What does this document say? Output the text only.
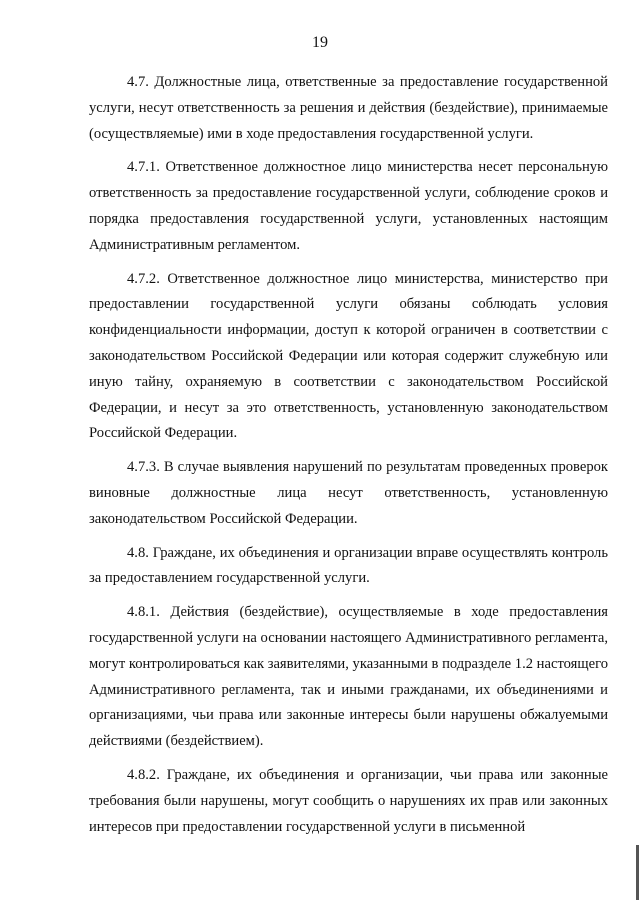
19

4.7. Должностные лица, ответственные за предоставление государственной услуги, несут ответственность за решения и действия (бездействие), принимаемые (осуществляемые) ими в ходе предоставления государственной услуги.

4.7.1. Ответственное должностное лицо министерства несет персональную ответственность за предоставление государственной услуги, соблюдение сроков и порядка предоставления государственной услуги, установленных настоящим Административным регламентом.

4.7.2. Ответственное должностное лицо министерства, министерство при предоставлении государственной услуги обязаны соблюдать условия конфиденциальности информации, доступ к которой ограничен в соответствии с законодательством Российской Федерации или которая содержит служебную или иную тайну, охраняемую в соответствии с законодательством Российской Федерации, и несут за это ответственность, установленную законодательством Российской Федерации.

4.7.3. В случае выявления нарушений по результатам проведенных проверок виновные должностные лица несут ответственность, установленную законодательством Российской Федерации.

4.8. Граждане, их объединения и организации вправе осуществлять контроль за предоставлением государственной услуги.

4.8.1. Действия (бездействие), осуществляемые в ходе предоставления государственной услуги на основании настоящего Административного регламента, могут контролироваться как заявителями, указанными в подразделе 1.2 настоящего Административного регламента, так и иными гражданами, их объединениями и организациями, чьи права или законные интересы были нарушены обжалуемыми действиями (бездействием).

4.8.2. Граждане, их объединения и организации, чьи права или законные требования были нарушены, могут сообщить о нарушениях их прав или законных интересов при предоставлении государственной услуги в письменной
